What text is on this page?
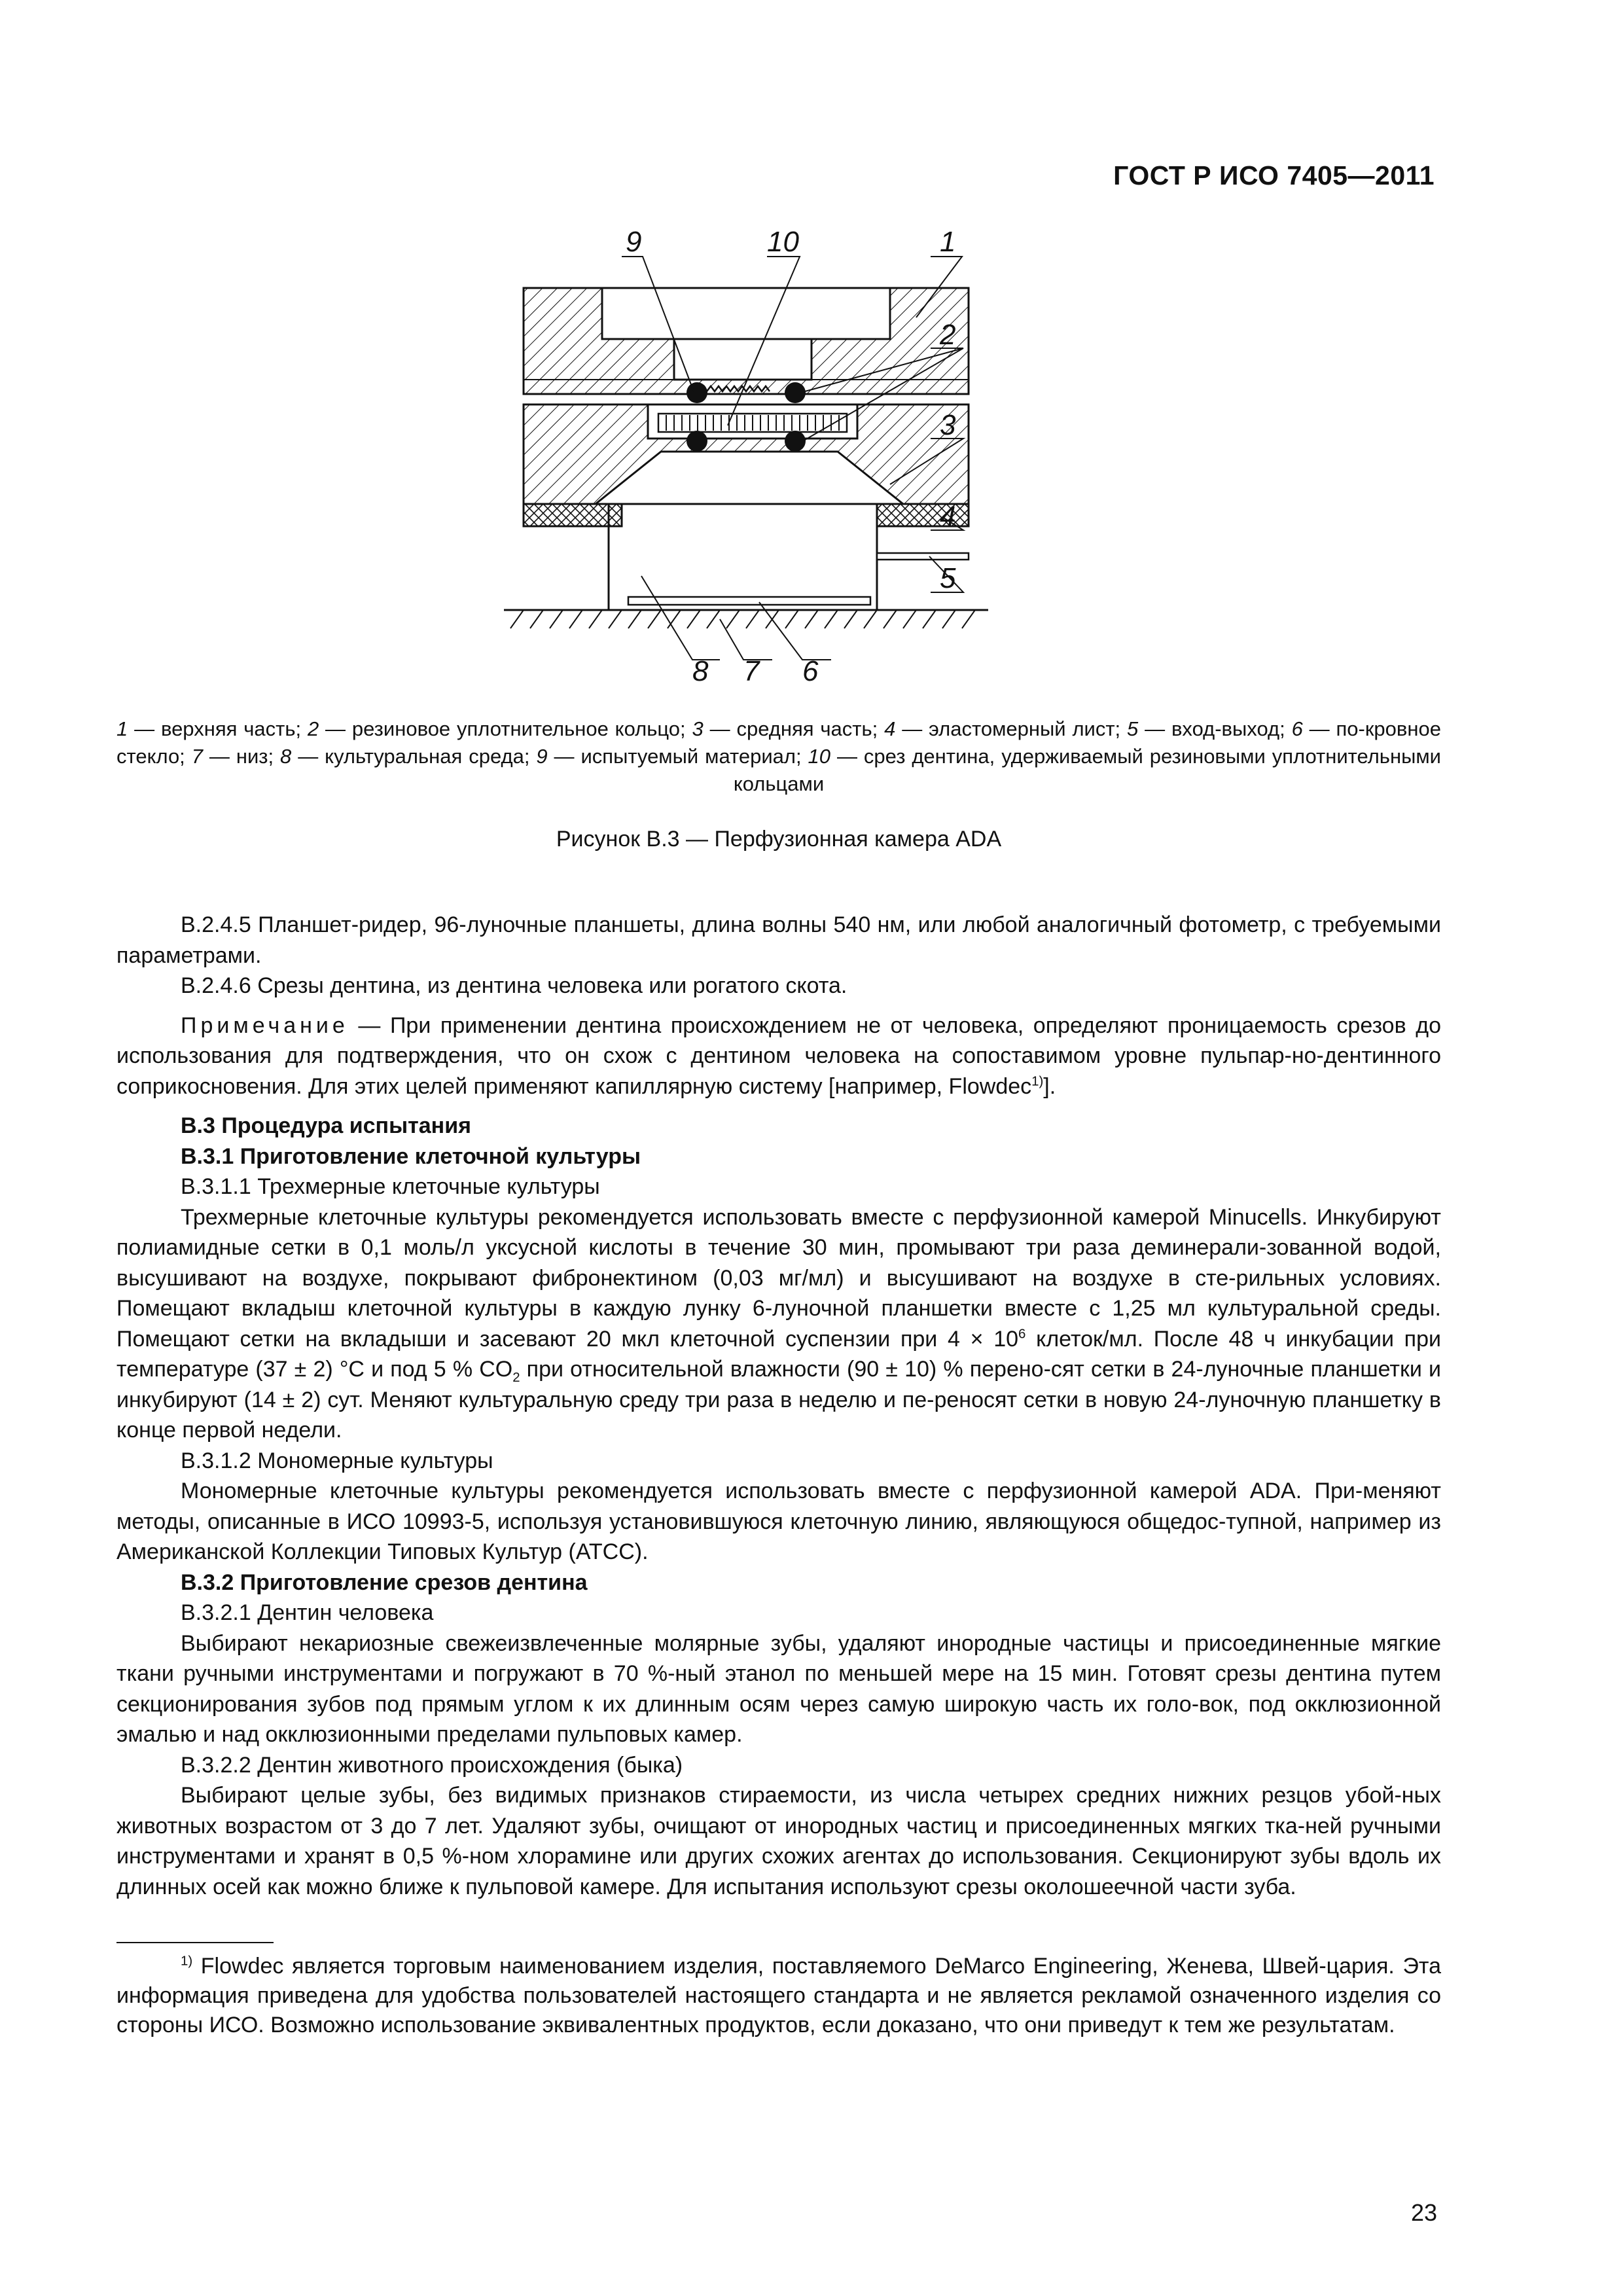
ГОСТ Р ИСО 7405—2011
9	10	1
2
3
4
5
8 7 6
1 — верхняя часть; 2 — резиновое уплотнительное кольцо; 3 — средняя часть; 4 — эластомерный лист; 5 — вход-выход; 6 — по-кровное стекло; 7 — низ; 8 — культуральная среда; 9 — испытуемый материал; 10 — срез дентина, удерживаемый резиновыми уплотнительными кольцами
Рисунок В.3 — Перфузионная камера ADA

В.2.4.5 Планшет-ридер, 96-луночные планшеты, длина волны 540 нм, или любой аналогичный фотометр, с требуемыми параметрами.

В.2.4.6 Срезы дентина, из дентина человека или рогатого скота.

Примечание — При применении дентина происхождением не от человека, определяют проницаемость срезов до использования для подтверждения, что он схож с дентином человека на сопоставимом уровне пульпар-но-дентинного соприкосновения. Для этих целей применяют капиллярную систему [например, Flowdec$^{1)}$].

В.3 Процедура испытания

В.3.1 Приготовление клеточной культуры

В.3.1.1 Трехмерные клеточные культуры

Трехмерные клеточные культуры рекомендуется использовать вместе с перфузионной камерой Minucells. Инкубируют полиамидные сетки в 0,1 моль/л уксусной кислоты в течение 30 мин, промывают три раза деминерали-зованной водой, высушивают на воздухе, покрывают фибронектином (0,03 мг/мл) и высушивают на воздухе в сте-рильных условиях. Помещают вкладыш клеточной культуры в каждую лунку 6-луночной планшетки вместе с 1,25 мл культуральной среды. Помещают сетки на вкладыши и засевают 20 мкл клеточной суспензии при $4 \times 10^6$ клеток/мл. После 48 ч инкубации при температуре (37 ± 2) °C и под 5 % $CO_2$ при относительной влажности (90 ± 10) % перено-сят сетки в 24-луночные планшетки и инкубируют (14 ± 2) сут. Меняют культуральную среду три раза в неделю и пе-реносят сетки в новую 24-луночную планшетку в конце первой недели.

В.3.1.2 Мономерные культуры

Мономерные клеточные культуры рекомендуется использовать вместе с перфузионной камерой ADA. При-меняют методы, описанные в ИСО 10993-5, используя установившуюся клеточную линию, являющуюся общедос-тупной, например из Американской Коллекции Типовых Культур (АТСС).

В.3.2 Приготовление срезов дентина

В.3.2.1 Дентин человека

Выбирают некариозные свежеизвлеченные молярные зубы, удаляют инородные частицы и присоединенные мягкие ткани ручными инструментами и погружают в 70 %-ный этанол по меньшей мере на 15 мин. Готовят срезы дентина путем секционирования зубов под прямым углом к их длинным осям через самую широкую часть их голо-вок, под окклюзионной эмалью и над окклюзионными пределами пульповых камер.

В.3.2.2 Дентин животного происхождения (быка)

Выбирают целые зубы, без видимых признаков стираемости, из числа четырех средних нижних резцов убой-ных животных возрастом от 3 до 7 лет. Удаляют зубы, очищают от инородных частиц и присоединенных мягких тка-ней ручными инструментами и хранят в 0,5 %-ном хлорамине или других схожих агентах до использования. Секционируют зубы вдоль их длинных осей как можно ближе к пульповой камере. Для испытания используют срезы околошеечной части зуба.

$^{1)}$ Flowdec является торговым наименованием изделия, поставляемого DeMarco Engineering, Женева, Швей-цария. Эта информация приведена для удобства пользователей настоящего стандарта и не является рекламой означенного изделия со стороны ИСО. Возможно использование эквивалентных продуктов, если доказано, что они приведут к тем же результатам.

23
